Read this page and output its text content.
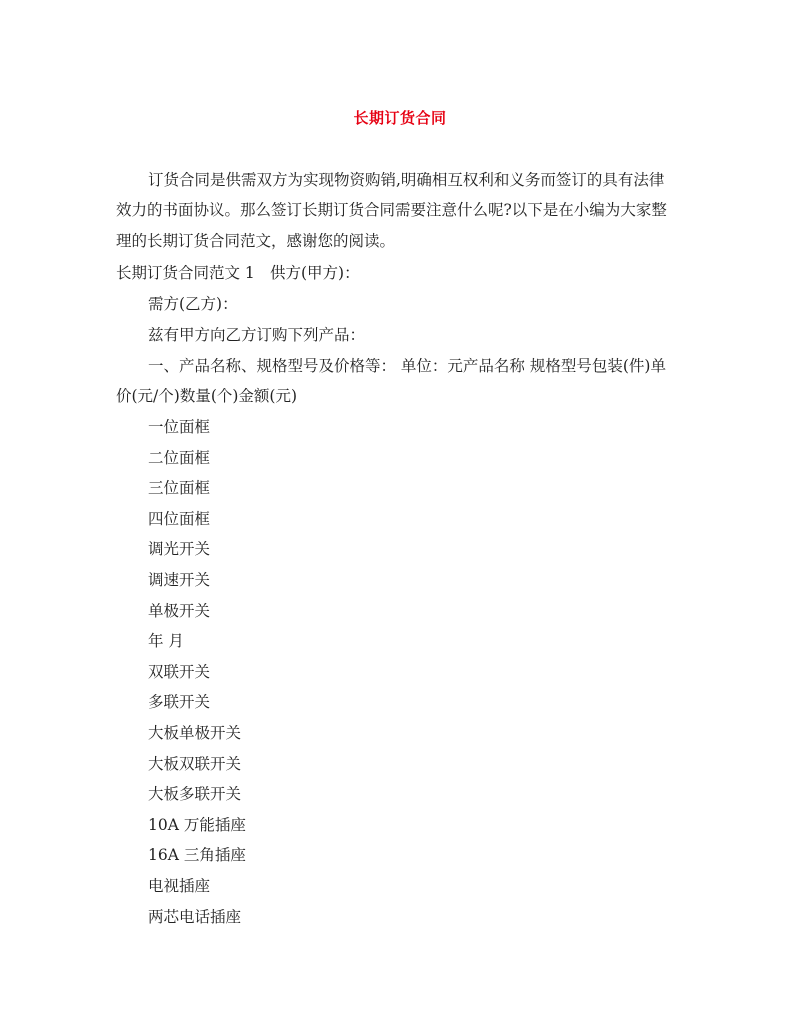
长期订货合同
订货合同是供需双方为实现物资购销,明确相互权利和义务而签订的具有法律
效力的书面协议。那么签订长期订货合同需要注意什么呢?以下是在小编为大家整
理的长期订货合同范文，感谢您的阅读。
长期订货合同范文 1 供方(甲方)：
需方(乙方)：
兹有甲方向乙方订购下列产品：
一、产品名称、规格型号及价格等： 单位：元产品名称 规格型号包装(件)单
价(元/个)数量(个)金额(元)
一位面框
二位面框
三位面框
四位面框
调光开关
调速开关
单极开关
年 月
双联开关
多联开关
大板单极开关
大板双联开关
大板多联开关
10A 万能插座
16A 三角插座
电视插座
两芯电话插座
